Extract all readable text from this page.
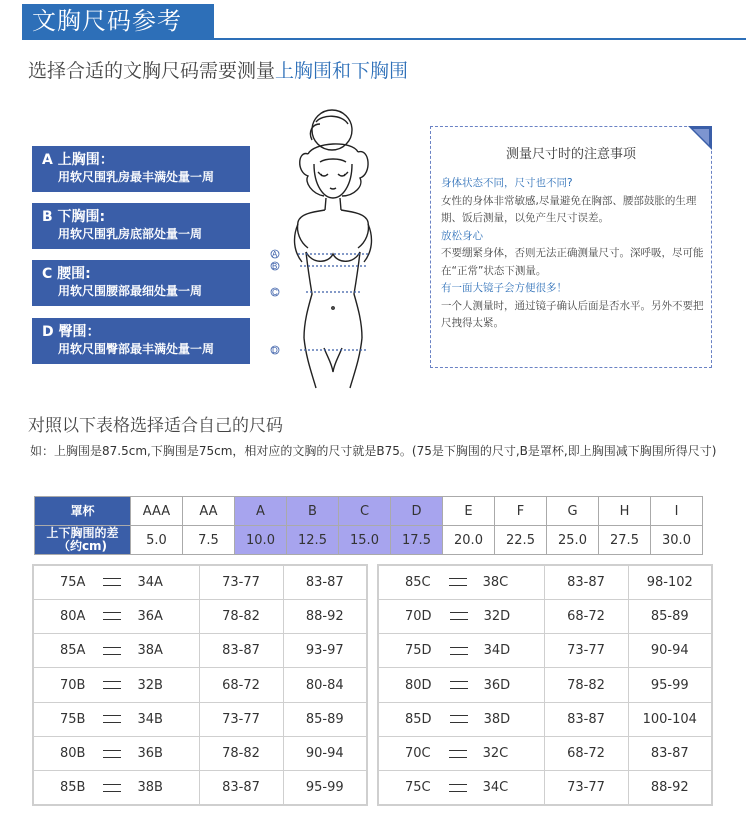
文胸尺码参考
选择合适的文胸尺码需要测量上胸围和下胸围
A 上胸围：
用软尺围乳房最丰满处量一周
B 下胸围:
用软尺围乳房底部处量一周
C 腰围:
用软尺围腰部最细处量一周
D 臀围：
用软尺围臀部最丰满处量一周
A
B
C
D
测量尺寸时的注意事项
身体状态不同，尺寸也不同?
女性的身体非常敏感,尽量避免在胸部、腰部鼓胀的生理期、饭后测量，以免产生尺寸误差。
放松身心
不要绷紧身体，否则无法正确测量尺寸。深呼吸，尽可能在“正常”状态下测量。
有一面大镜子会方便很多！
一个人测量时，通过镜子确认后面是否水平。另外不要把尺拽得太紧。
对照以下表格选择适合自己的尺码
如：上胸围是87.5cm,下胸围是75cm，相对应的文胸的尺寸就是B75。(75是下胸围的尺寸,B是罩杯,即上胸围减下胸围所得尺寸)
罩杯	AAA	AA	A	B	C	D	E	F	G	H	I
上下胸围的差（约cm)	5.0	7.5	10.0	12.5	15.0	17.5	20.0	22.5	25.0	27.5	30.0
75A 34A	73-77	83-87
80A 36A	78-82	88-92
85A 38A	83-87	93-97
70B 32B	68-72	80-84
75B 34B	73-77	85-89
80B 36B	78-82	90-94
85B 38B	83-87	95-99
85C 38C	83-87	98-102
70D 32D	68-72	85-89
75D 34D	73-77	90-94
80D 36D	78-82	95-99
85D 38D	83-87	100-104
70C 32C	68-72	83-87
75C 34C	73-77	88-92
